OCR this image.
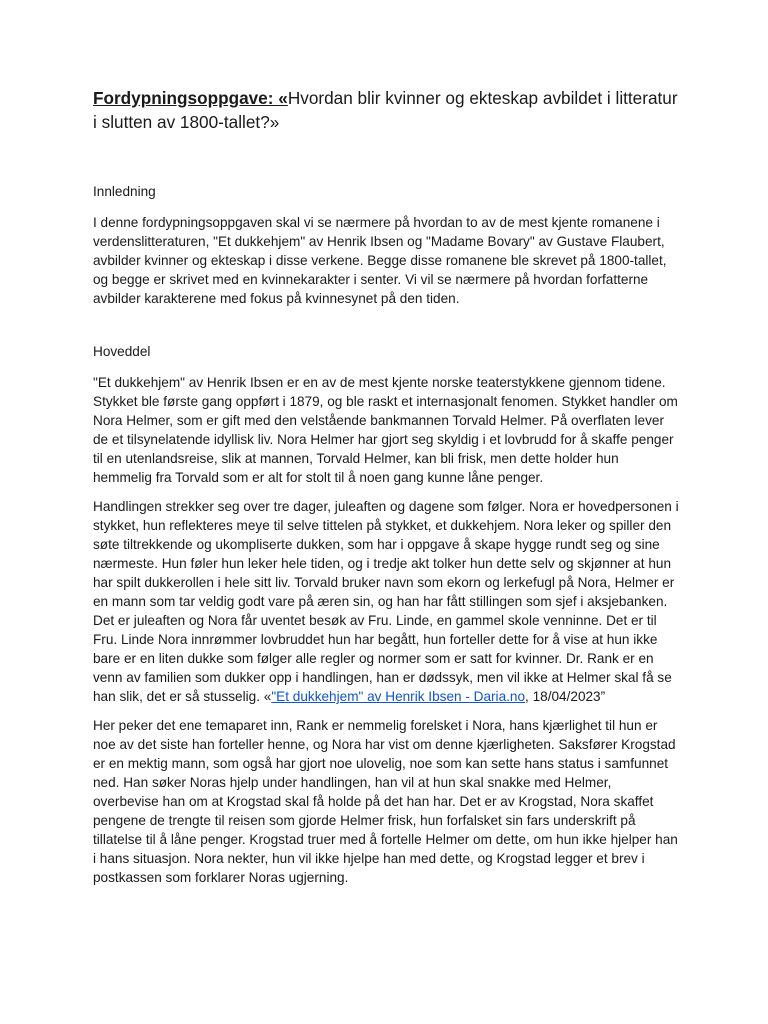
Fordypningsoppgave: «Hvordan blir kvinner og ekteskap avbildet i litteratur i slutten av 1800-tallet?»
Innledning

I denne fordypningsoppgaven skal vi se nærmere på hvordan to av de mest kjente romanene i verdenslitteraturen, "Et dukkehjem" av Henrik Ibsen og "Madame Bovary" av Gustave Flaubert, avbilder kvinner og ekteskap i disse verkene. Begge disse romanene ble skrevet på 1800-tallet, og begge er skrivet med en kvinnekarakter i senter. Vi vil se nærmere på hvordan forfatterne avbilder karakterene med fokus på kvinnesynet på den tiden.

Hoveddel

"Et dukkehjem" av Henrik Ibsen er en av de mest kjente norske teaterstykkene gjennom tidene. Stykket ble første gang oppført i 1879, og ble raskt et internasjonalt fenomen. Stykket handler om Nora Helmer, som er gift med den velstående bankmannen Torvald Helmer. På overflaten lever de et tilsynelatende idyllisk liv. Nora Helmer har gjort seg skyldig i et lovbrudd for å skaffe penger til en utenlandsreise, slik at mannen, Torvald Helmer, kan bli frisk, men dette holder hun hemmelig fra Torvald som er alt for stolt til å noen gang kunne låne penger.

Handlingen strekker seg over tre dager, juleaften og dagene som følger. Nora er hovedpersonen i stykket, hun reflekteres meye til selve tittelen på stykket, et dukkehjem. Nora leker og spiller den søte tiltrekkende og ukompliserte dukken, som har i oppgave å skape hygge rundt seg og sine nærmeste. Hun føler hun leker hele tiden, og i tredje akt tolker hun dette selv og skjønner at hun har spilt dukkerollen i hele sitt liv. Torvald bruker navn som ekorn og lerkefugl på Nora, Helmer er en mann som tar veldig godt vare på æren sin, og han har fått stillingen som sjef i aksjebanken. Det er juleaften og Nora får uventet besøk av Fru. Linde, en gammel skole venninne. Det er til Fru. Linde Nora innrømmer lovbruddet hun har begått, hun forteller dette for å vise at hun ikke bare er en liten dukke som følger alle regler og normer som er satt for kvinner. Dr. Rank er en venn av familien som dukker opp i handlingen, han er dødssyk, men vil ikke at Helmer skal få se han slik, det er så stusselig. «"Et dukkehjem" av Henrik Ibsen - Daria.no, 18/04/2023”

Her peker det ene temaparet inn, Rank er nemmelig forelsket i Nora, hans kjærlighet til hun er noe av det siste han forteller henne, og Nora har vist om denne kjærligheten. Saksfører Krogstad er en mektig mann, som også har gjort noe ulovelig, noe som kan sette hans status i samfunnet ned. Han søker Noras hjelp under handlingen, han vil at hun skal snakke med Helmer, overbevise han om at Krogstad skal få holde på det han har. Det er av Krogstad, Nora skaffet pengene de trengte til reisen som gjorde Helmer frisk, hun forfalsket sin fars underskrift på tillatelse til å låne penger. Krogstad truer med å fortelle Helmer om dette, om hun ikke hjelper han i hans situasjon. Nora nekter, hun vil ikke hjelpe han med dette, og Krogstad legger et brev i postkassen som forklarer Noras ugjerning.
